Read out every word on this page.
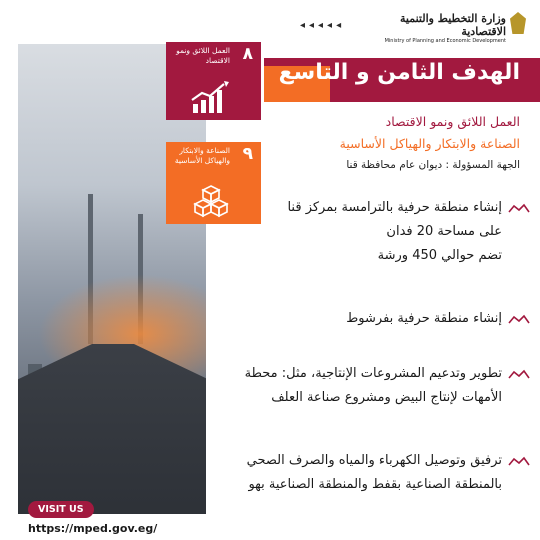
◂◂◂◂◂
وزارة التخطيط والتنمية الاقتصادية
Ministry of Planning and Economic Development
٨
العمل اللائق ونمو الاقتصاد
٩
الصناعة والابتكار والهياكل الأساسية
الهدف الثامن و التاسع
العمل اللائق ونمو الاقتصاد
الصناعة والابتكار والهياكل الأساسية
الجهة المسؤولة : ديوان عام محافظة قنا
إنشاء منطقة حرفية بالترامسة بمركز قنا
على مساحة 20 فدان
تضم حوالي 450 ورشة
إنشاء منطقة حرفية بفرشوط
تطوير وتدعيم المشروعات الإنتاجية، مثل: محطة
الأمهات لإنتاج البيض ومشروع صناعة العلف
ترفيق وتوصيل الكهرباء والمياه والصرف الصحي
بالمنطقة الصناعية بقفط والمنطقة الصناعية بهو
VISIT US
https://mped.gov.eg/
